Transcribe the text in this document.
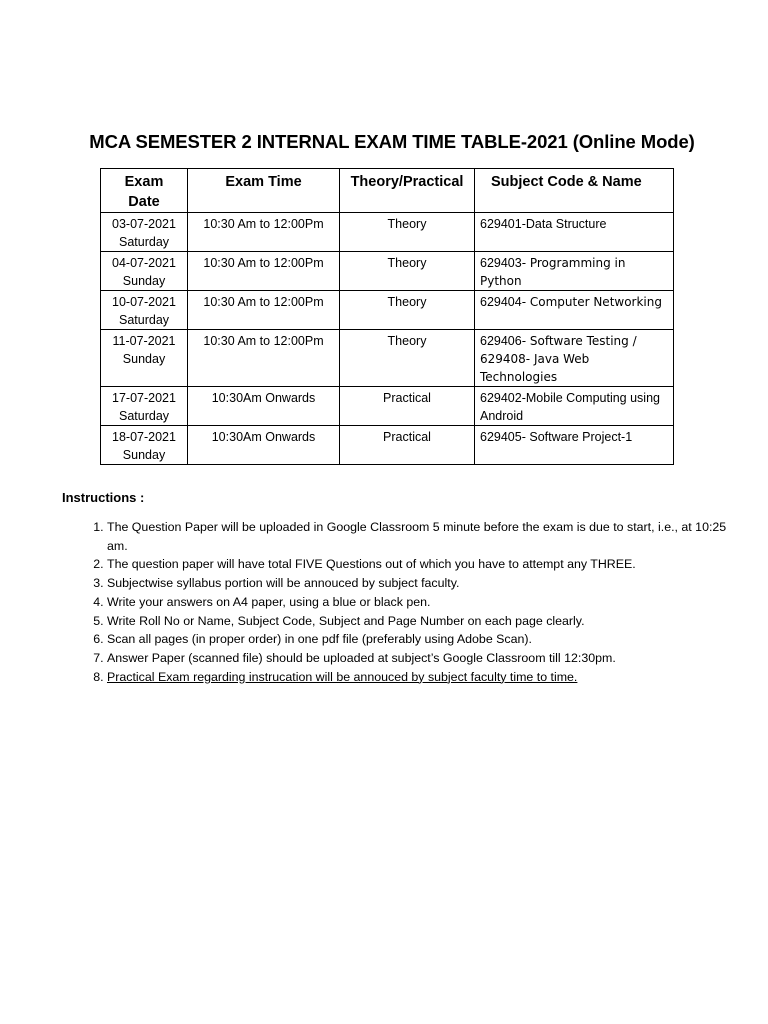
MCA SEMESTER 2 INTERNAL EXAM TIME TABLE-2021 (Online Mode)
Exam
Date	Exam Time	Theory/Practical	Subject Code & Name
03-07-2021
Saturday	10:30 Am to 12:00Pm	Theory	629401-Data Structure
04-07-2021
Sunday	10:30 Am to 12:00Pm	Theory	629403- Programming in Python
10-07-2021
Saturday	10:30 Am to 12:00Pm	Theory	629404- Computer Networking
11-07-2021
Sunday	10:30 Am to 12:00Pm	Theory	629406- Software Testing / 629408- Java Web Technologies
17-07-2021
Saturday	10:30Am Onwards	Practical	629402-Mobile Computing using Android
18-07-2021
Sunday	10:30Am Onwards	Practical	629405- Software Project-1
Instructions :
1. The Question Paper will be uploaded in Google Classroom 5 minute before the exam is due to start, i.e., at 10:25 am.
2. The question paper will have total FIVE Questions out of which you have to attempt any THREE.
3. Subjectwise syllabus portion will be annouced by subject faculty.
4. Write your answers on A4 paper, using a blue or black pen.
5. Write Roll No or Name, Subject Code, Subject and Page Number on each page clearly.
6. Scan all pages (in proper order) in one pdf file (preferably using Adobe Scan).
7. Answer Paper (scanned file) should be uploaded at subject’s Google Classroom till 12:30pm.
8. Practical Exam regarding instrucation will be annouced by subject faculty time to time.
